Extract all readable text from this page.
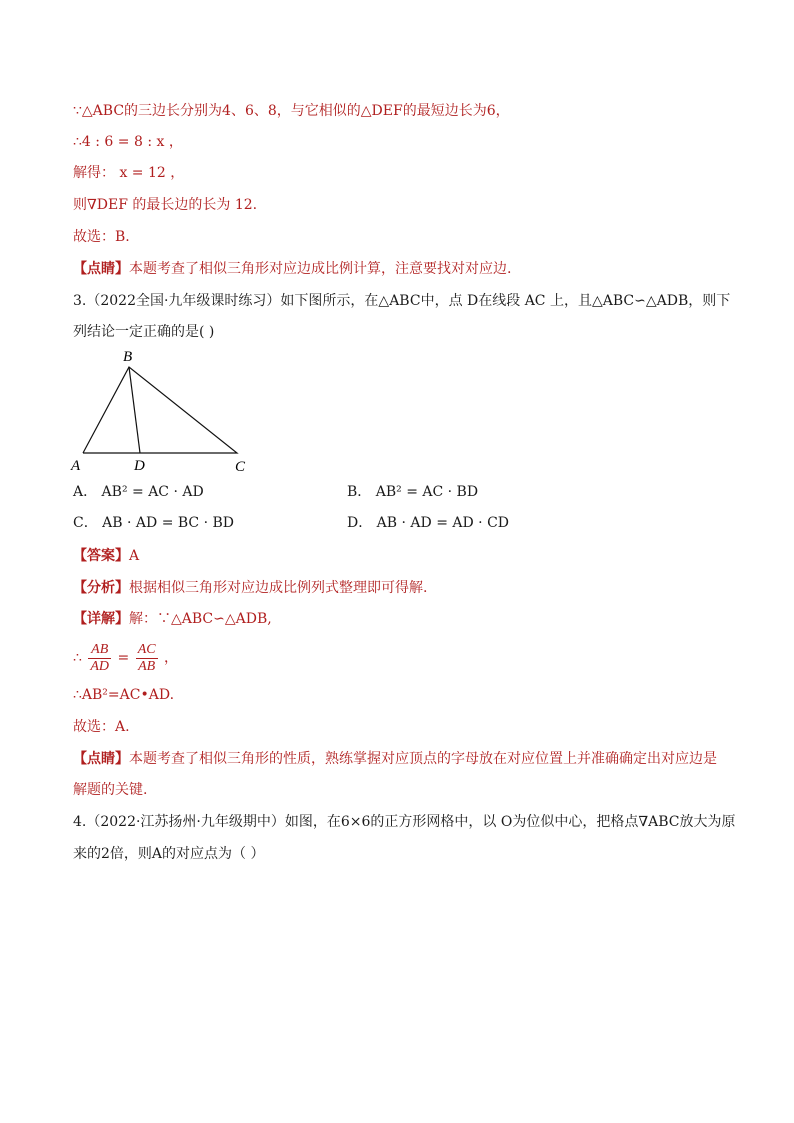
∵△ABC的三边长分别为4、6、8，与它相似的△DEF的最短边长为6，
∴4 : 6 = 8 : x ，
解得： x = 12 ，
则∇DEF 的最长边的长为 12.
故选：B.
【点睛】本题考查了相似三角形对应边成比例计算，注意要找对对应边.
3.（2022全国·九年级课时练习）如下图所示，在△ABC中，点 D在线段 AC 上，且△ABC∽△ADB，则下
列结论一定正确的是( )
B
A	D	C
A． AB² = AC · AD	B． AB² = AC · BD
C． AB · AD = BC · BD	D． AB · AD = AD · CD
【答案】A
【分析】根据相似三角形对应边成比例列式整理即可得解.
【详解】解：∵△ABC∽△ADB,
∴ $\frac{AB}{AD} = \frac{AC}{AB}$ ，
∴AB²=AC•AD.
故选：A.
【点睛】本题考查了相似三角形的性质，熟练掌握对应顶点的字母放在对应位置上并准确确定出对应边是
解题的关键.
4.（2022·江苏扬州·九年级期中）如图，在6×6的正方形网格中，以 O为位似中心，把格点∇ABC放大为原
来的2倍，则A的对应点为（ ）
